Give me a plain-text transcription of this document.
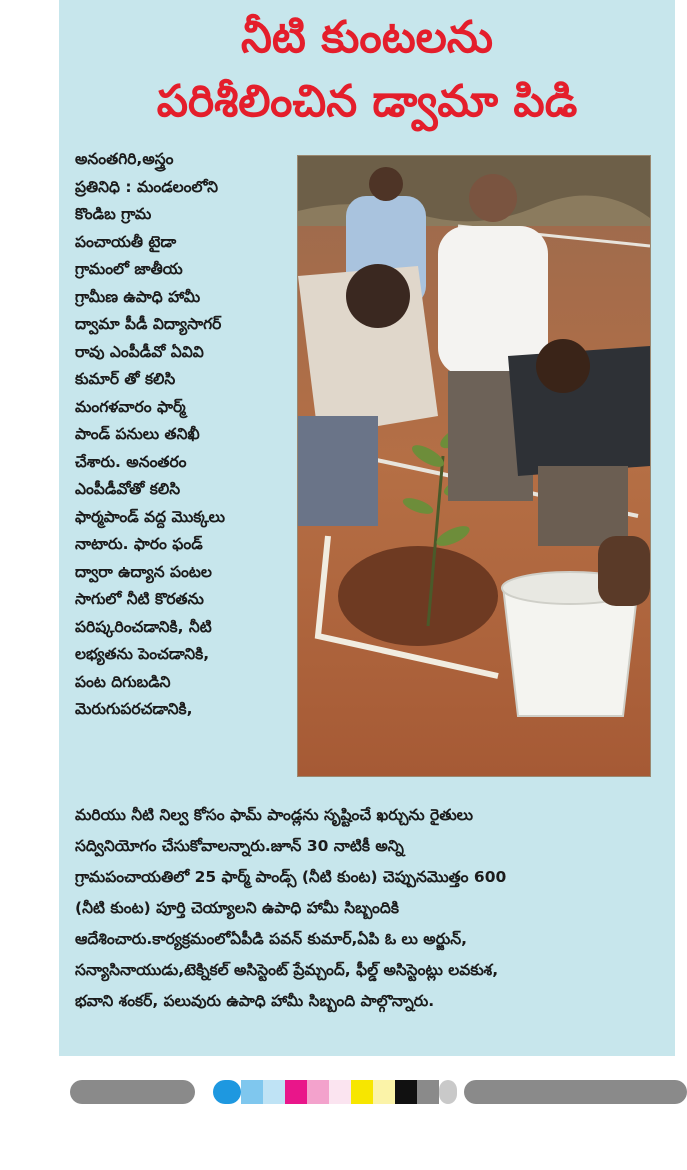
నీటి కుంటలను
పరిశీలించిన డ్వామా పిడి
అనంతగిరి,అస్త్రం
ప్రతినిధి : మండలంలోని
కొండిబ గ్రామ
పంచాయతీ టైడా
గ్రామంలో జాతీయ
గ్రామీణ ఉపాధి హామీ
ద్వామా పీడీ విద్యాసాగర్
రావు ఎంపీడీవో ఏవివి
కుమార్ తో కలిసి
మంగళవారం ఫార్మ్
పాండ్ పనులు తనిఖీ
చేశారు. అనంతరం
ఎంపీడీవోతో కలిసి
ఫార్మపాండ్ వద్ద మొక్కలు
నాటారు. ఫారం ఫండ్
ద్వారా ఉద్యాన పంటల
సాగులో నీటి కొరతను
పరిష్కరించడానికి, నీటి
లభ్యతను పెంచడానికి,
పంట దిగుబడిని
మెరుగుపరచడానికి,
మరియు నీటి నిల్వ కోసం ఫామ్ పాండ్లను సృష్టించే ఖర్చును రైతులు
సద్వినియోగం చేసుకోవాలన్నారు.జూన్ 30 నాటికీ అన్ని
గ్రామపంచాయతిలో 25 ఫార్మ్ పాండ్స్ (నీటి కుంట) చెప్పునమొత్తం 600
(నీటి కుంట) పూర్తి చెయ్యాలని ఉపాధి హామీ సిబ్బందికి
ఆదేశించారు.కార్యక్రమంలోఏపీడి పవన్ కుమార్,ఏపి ఓ లు అర్జున్,
సన్యాసినాయుడు,టెక్నికల్ అసిస్టెంట్ ప్రేమ్చంద్, ఫీల్డ్ అసిస్టెంట్లు లవకుశ,
భవాని శంకర్, పలువురు ఉపాధి హామీ సిబ్బంది పాల్గొన్నారు.
